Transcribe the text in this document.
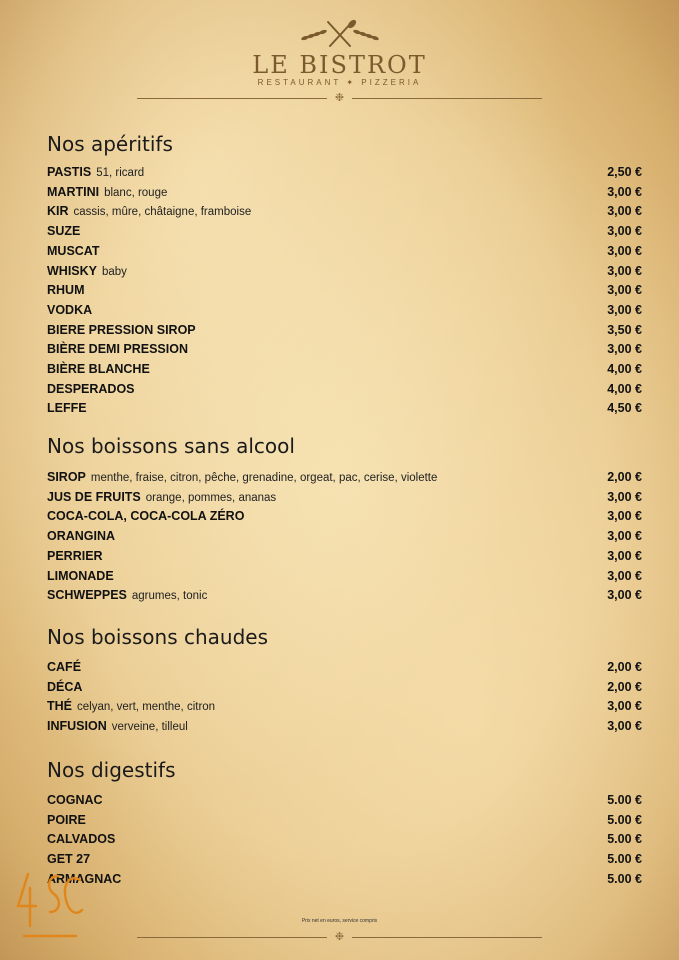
LE BISTROT
RESTAURANT ✦ PIZZERIA
❉
Nos apéritifs
PASTIS 51, ricard	2,50 €
MARTINI blanc, rouge	3,00 €
KIR cassis, mûre, châtaigne, framboise	3,00 €
SUZE	3,00 €
MUSCAT	3,00 €
WHISKY baby	3,00 €
RHUM	3,00 €
VODKA	3,00 €
BIERE PRESSION SIROP	3,50 €
BIÈRE DEMI PRESSION	3,00 €
BIÈRE BLANCHE	4,00 €
DESPERADOS	4,00 €
LEFFE	4,50 €
Nos boissons sans alcool
SIROP menthe, fraise, citron, pêche, grenadine, orgeat, pac, cerise, violette	2,00 €
JUS DE FRUITS orange, pommes, ananas	3,00 €
COCA-COLA, COCA-COLA ZÉRO	3,00 €
ORANGINA	3,00 €
PERRIER	3,00 €
LIMONADE	3,00 €
SCHWEPPES agrumes, tonic	3,00 €
Nos boissons chaudes
CAFÉ	2,00 €
DÉCA	2,00 €
THÉ celyan, vert, menthe, citron	3,00 €
INFUSION verveine, tilleul	3,00 €
Nos digestifs
COGNAC	5.00 €
POIRE	5.00 €
CALVADOS	5.00 €
GET 27	5.00 €
ARMAGNAC	5.00 €
Prix net en euros, service compris
❉
